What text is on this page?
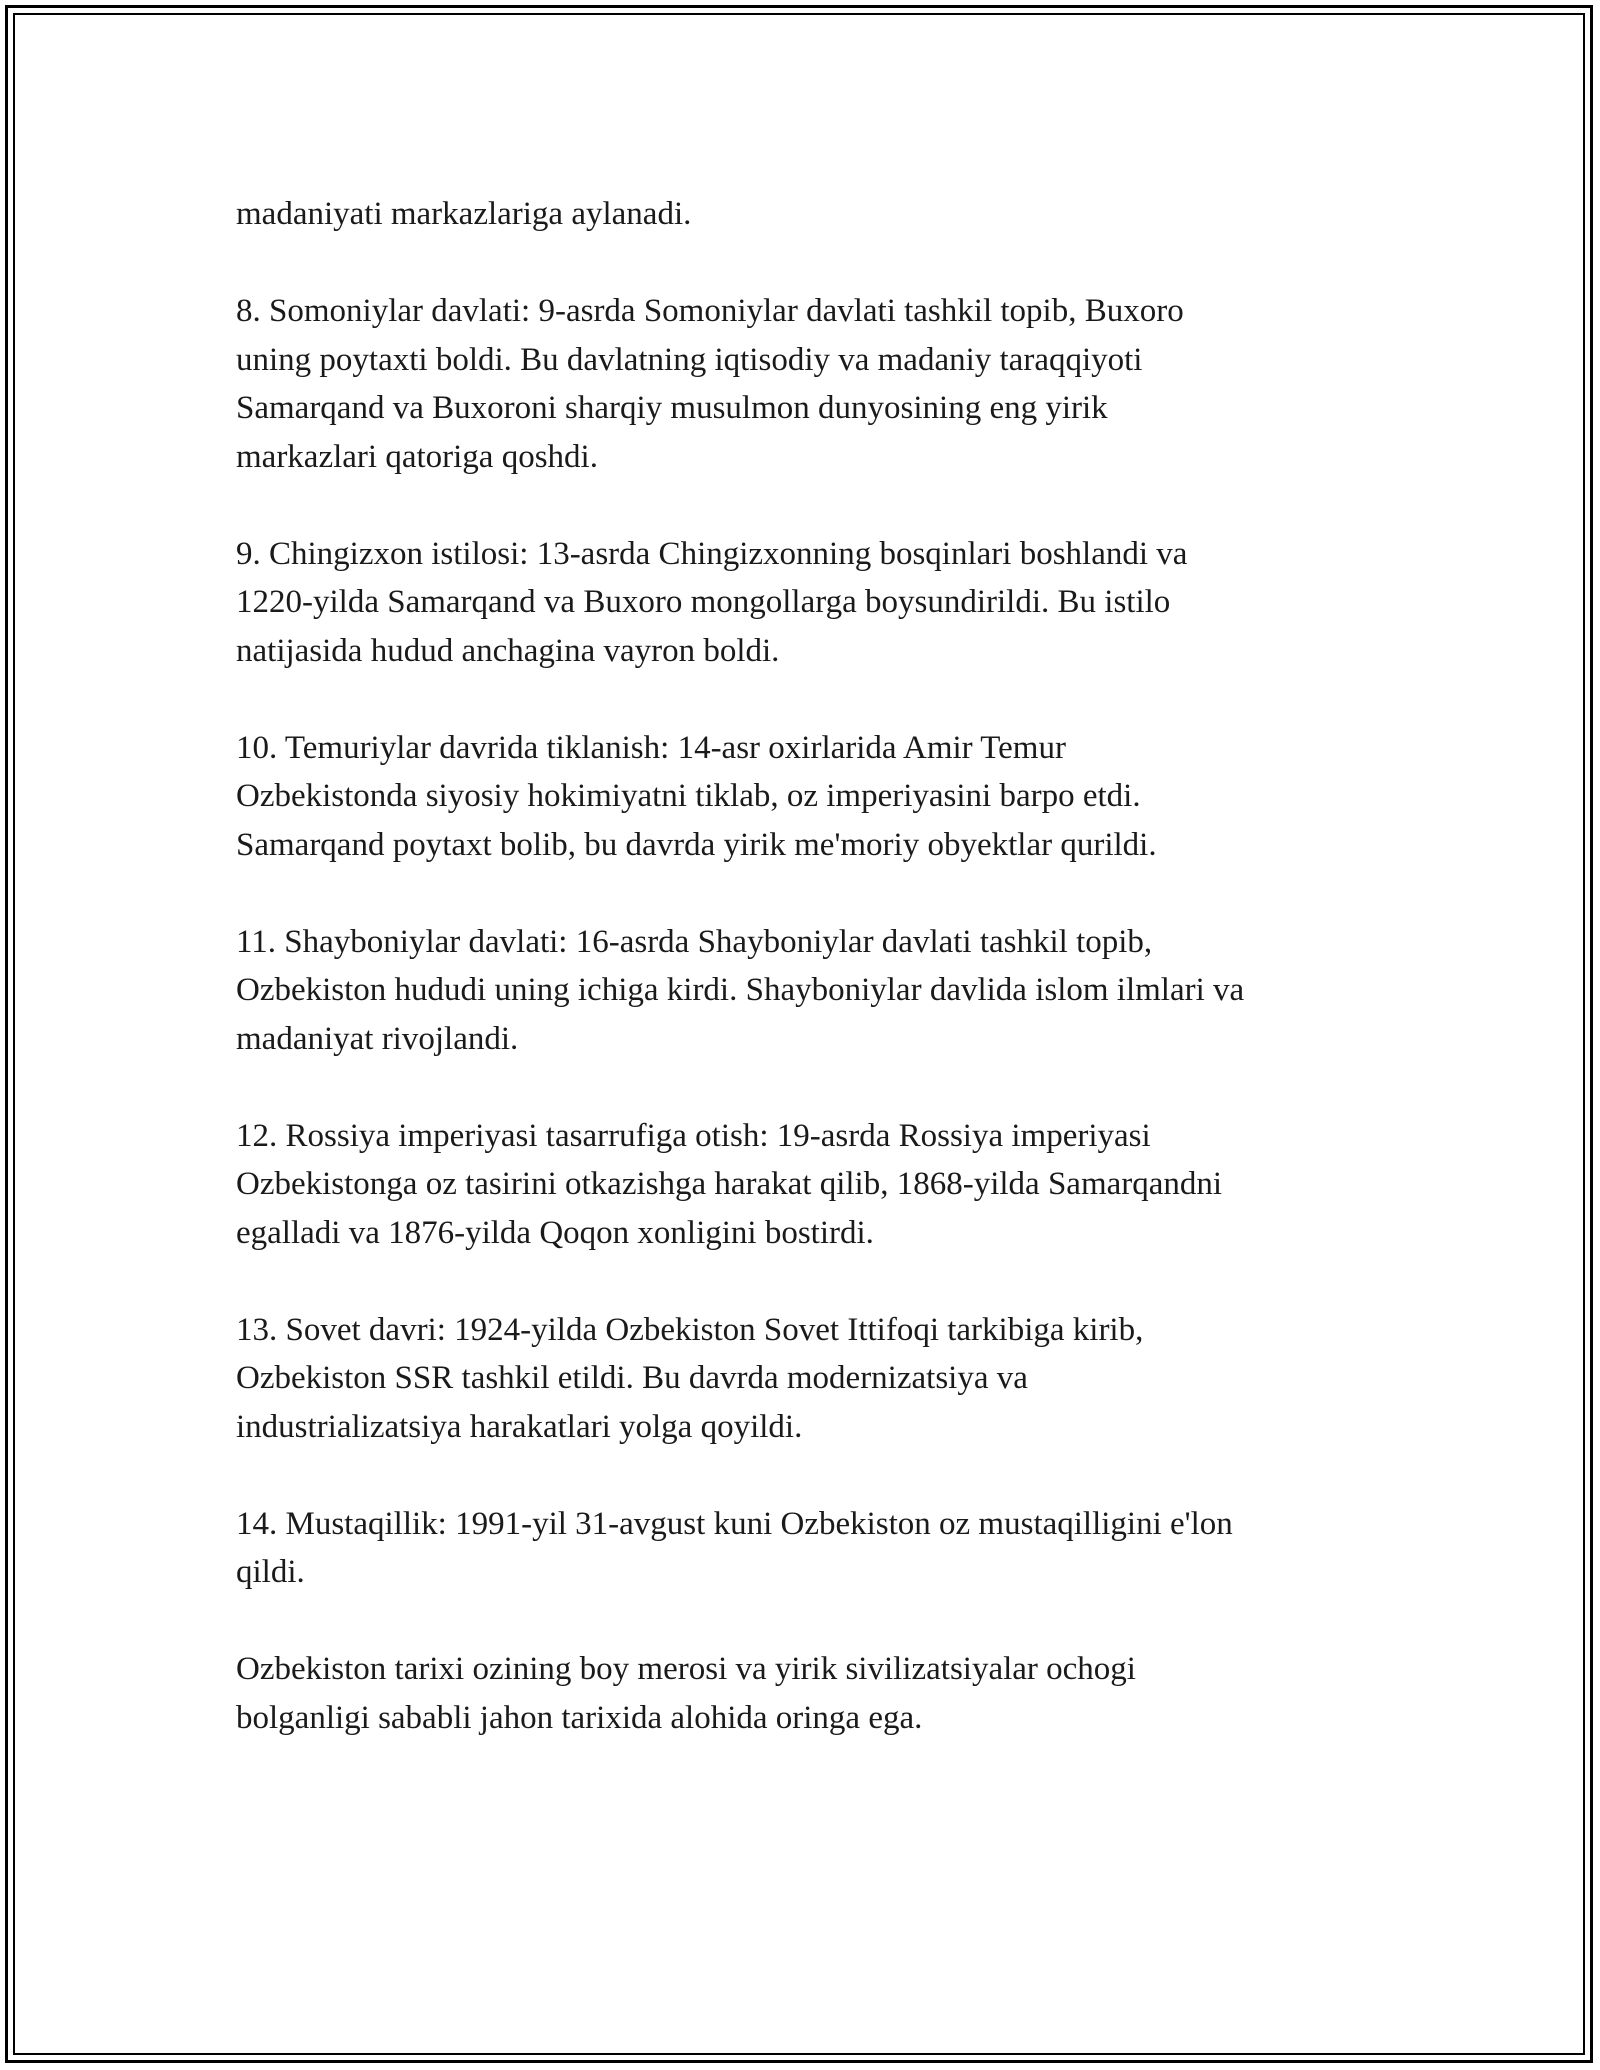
madaniyati markazlariga aylanadi.

8. Somoniylar davlati: 9-asrda Somoniylar davlati tashkil topib, Buxoro
uning poytaxti boldi. Bu davlatning iqtisodiy va madaniy taraqqiyoti
Samarqand va Buxoroni sharqiy musulmon dunyosining eng yirik
markazlari qatoriga qoshdi.

9. Chingizxon istilosi: 13-asrda Chingizxonning bosqinlari boshlandi va
1220-yilda Samarqand va Buxoro mongollarga boysundirildi. Bu istilo
natijasida hudud anchagina vayron boldi.

10. Temuriylar davrida tiklanish: 14-asr oxirlarida Amir Temur
Ozbekistonda siyosiy hokimiyatni tiklab, oz imperiyasini barpo etdi.
Samarqand poytaxt bolib, bu davrda yirik me'moriy obyektlar qurildi.

11. Shayboniylar davlati: 16-asrda Shayboniylar davlati tashkil topib,
Ozbekiston hududi uning ichiga kirdi. Shayboniylar davlida islom ilmlari va
madaniyat rivojlandi.

12. Rossiya imperiyasi tasarrufiga otish: 19-asrda Rossiya imperiyasi
Ozbekistonga oz tasirini otkazishga harakat qilib, 1868-yilda Samarqandni
egalladi va 1876-yilda Qoqon xonligini bostirdi.

13. Sovet davri: 1924-yilda Ozbekiston Sovet Ittifoqi tarkibiga kirib,
Ozbekiston SSR tashkil etildi. Bu davrda modernizatsiya va
industrializatsiya harakatlari yolga qoyildi.

14. Mustaqillik: 1991-yil 31-avgust kuni Ozbekiston oz mustaqilligini e'lon
qildi.

Ozbekiston tarixi ozining boy merosi va yirik sivilizatsiyalar ochogi
bolganligi sababli jahon tarixida alohida oringa ega.
